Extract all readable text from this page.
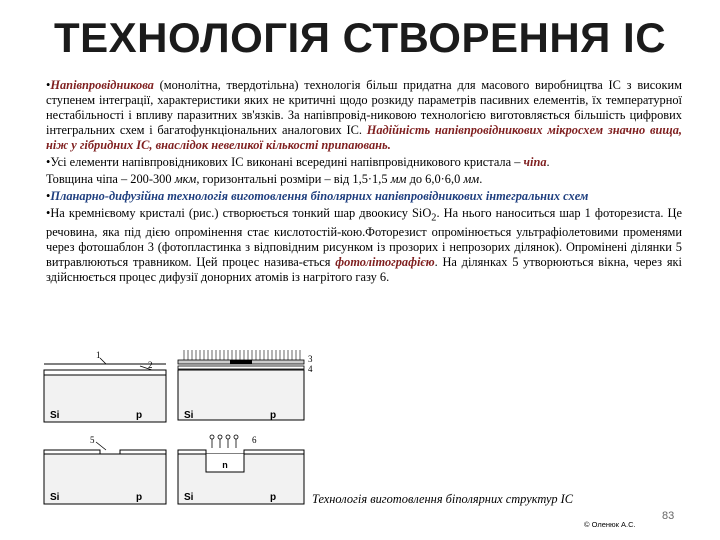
ТЕХНОЛОГІЯ СТВОРЕННЯ ІС

•Напівпровідникова (монолітна, твердотільна) технологія більш придатна для масового виробництва ІС з високим ступенем інтеграції, характеристики яких не критичні щодо розкиду параметрів пасивних елементів, їх температурної нестабільності і впливу паразитних зв'язків. За напівпровід-никовою технологією виготовляється більшість цифрових інтегральних схем і багатофункціональних аналогових ІС. Надійність напівпровідникових мікросхем значно вища, ніж у гібридних ІС, внаслідок невеликої кількості припаювань.

•Усі елементи напівпровідникових ІС виконані всередині напівпровідникового кристала – чіпа.

Товщина чіпа – 200-300 мкм, горизонтальні розміри – від 1,5·1,5 мм до 6,0·6,0 мм.

•Планарно-дифузійна технологія виготовлення біполярних напівпровідникових інтегральних схем

•На кремнієвому кристалі (рис.) створюється тонкий шар двоокису SiO$_2$. На нього наноситься шар 1 фоторезиста. Це речовина, яка під дією опромінення стає кислотостій-кою.Фоторезист опромінюється ультрафіолетовими променями через фотошаблон 3 (фотопластинка з відповідним рисунком із прозорих і непрозорих ділянок). Опромінені ділянки 5 витравлюються травником. Цей процес назива-ється фотолітографією. На ділянках 5 утворюються вікна, через які здійснюється процес дифузії донорних атомів із нагрітого газу 6.

1
2
Si	p
3
4
Si	p
5
Si	p
6
n
Si	p	Технологія виготовлення біполярних структур ІС
83
© Оленюк А.С.
